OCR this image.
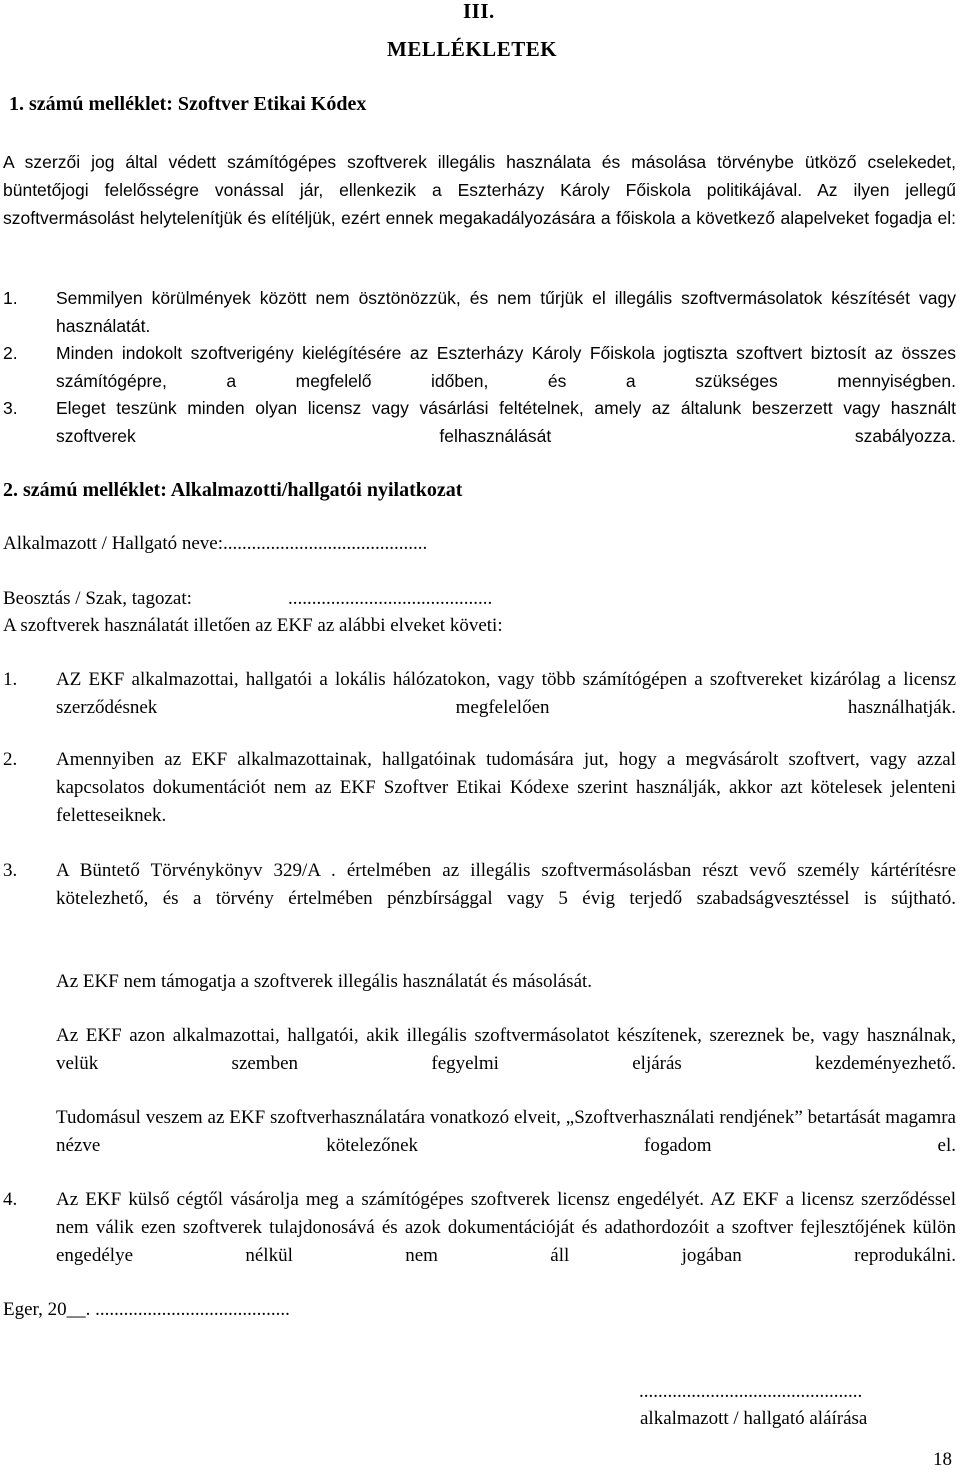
III.
MELLÉKLETEK
1. számú melléklet: Szoftver Etikai Kódex

A szerzői jog által védett számítógépes szoftverek illegális használata és másolása törvénybe ütköző cselekedet, büntetőjogi felelősségre vonással jár, ellenkezik a Eszterházy Károly Főiskola politikájával. Az ilyen jellegű szoftvermásolást helytelenítjük és elítéljük, ezért ennek megakadályozására a főiskola a következő alapelveket fogadja el:

1. Semmilyen körülmények között nem ösztönözzük, és nem tűrjük el illegális szoftvermásolatok készítését vagy használatát.

2. Minden indokolt szoftverigény kielégítésére az Eszterházy Károly Főiskola jogtiszta szoftvert biztosít az összes számítógépre, a megfelelő időben, és a szükséges mennyiségben.

3. Eleget teszünk minden olyan licensz vagy vásárlási feltételnek, amely az általunk beszerzett vagy használt szoftverek felhasználását szabályozza.

2. számú melléklet: Alkalmazotti/hallgatói nyilatkozat
Alkalmazott / Hallgató neve:...........................................
Beosztás / Szak, tagozat:	...........................................
A szoftverek használatát illetően az EKF az alábbi elveket követi:
1. AZ EKF alkalmazottai, hallgatói a lokális hálózatokon, vagy több számítógépen a szoftvereket kizárólag a licensz szerződésnek megfelelően használhatják.

2. Amennyiben az EKF alkalmazottainak, hallgatóinak tudomására jut, hogy a megvásárolt szoftvert, vagy azzal kapcsolatos dokumentációt nem az EKF Szoftver Etikai Kódexe szerint használják, akkor azt kötelesek jelenteni feletteseiknek.

3. A Büntető Törvénykönyv 329/A . értelmében az illegális szoftvermásolásban részt vevő személy kártérítésre kötelezhető, és a törvény értelmében pénzbírsággal vagy 5 évig terjedő szabadságvesztéssel is sújtható.

Az EKF nem támogatja a szoftverek illegális használatát és másolását.

Az EKF azon alkalmazottai, hallgatói, akik illegális szoftvermásolatot készítenek, szereznek be, vagy használnak, velük szemben fegyelmi eljárás kezdeményezhető.

Tudomásul veszem az EKF szoftverhasználatára vonatkozó elveit, „Szoftverhasználati rendjének” betartását magamra nézve kötelezőnek fogadom el.

4. Az EKF külső cégtől vásárolja meg a számítógépes szoftverek licensz engedélyét. AZ EKF a licensz szerződéssel nem válik ezen szoftverek tulajdonosává és azok dokumentációját és adathordozóit a szoftver fejlesztőjének külön engedélye nélkül nem áll jogában reprodukálni.

Eger, 20__. .........................................
...............................................
alkalmazott / hallgató aláírása
18
